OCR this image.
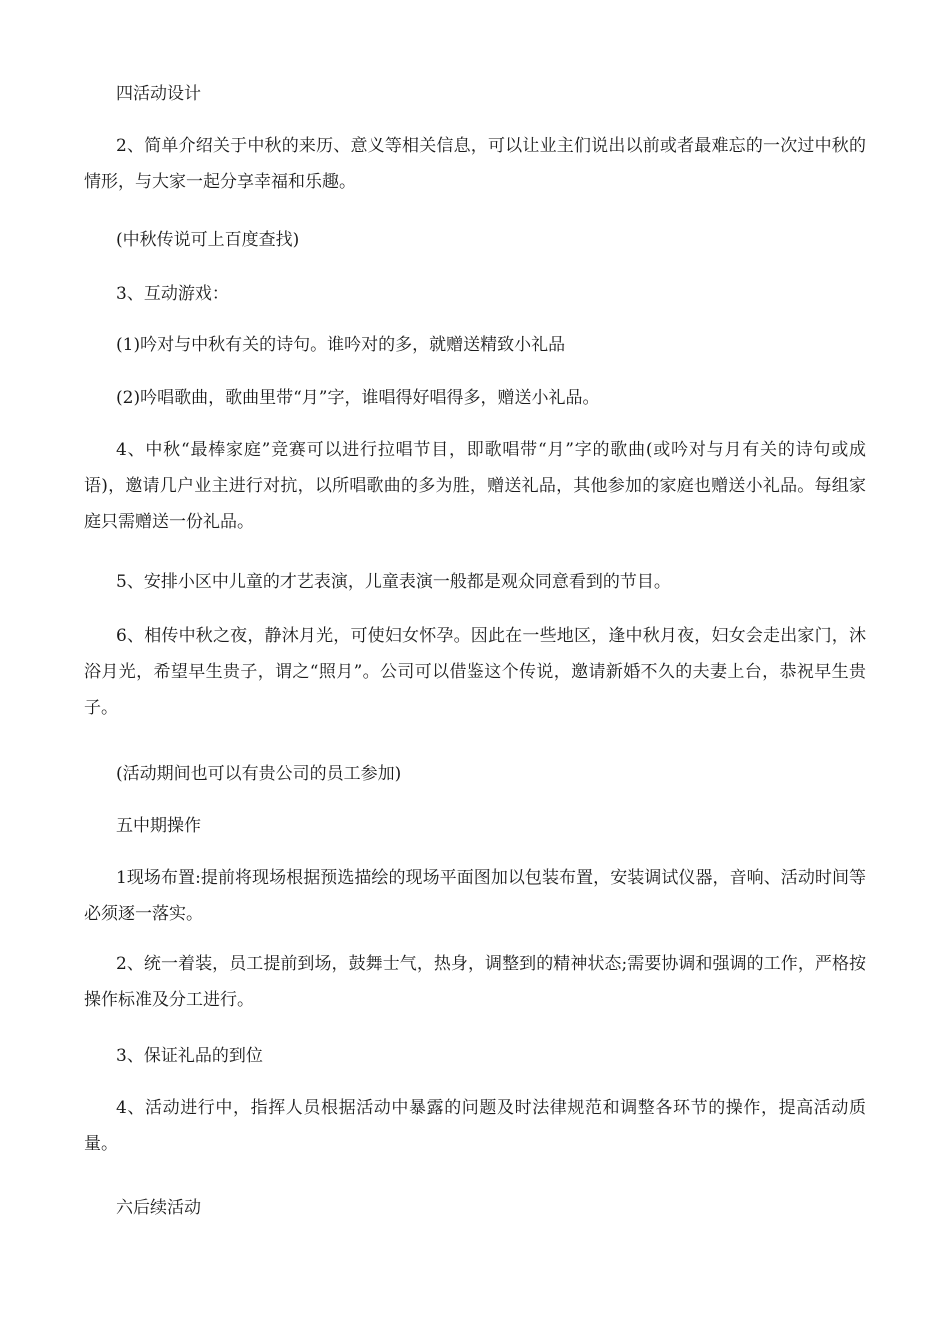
四活动设计

2、简单介绍关于中秋的来历、意义等相关信息，可以让业主们说出以前或者最难忘的一次过中秋的情形，与大家一起分享幸福和乐趣。

(中秋传说可上百度查找)

3、互动游戏：

(1)吟对与中秋有关的诗句。谁吟对的多，就赠送精致小礼品

(2)吟唱歌曲，歌曲里带“月”字，谁唱得好唱得多，赠送小礼品。

4、中秋“最棒家庭”竞赛可以进行拉唱节目，即歌唱带“月”字的歌曲(或吟对与月有关的诗句或成语)，邀请几户业主进行对抗，以所唱歌曲的多为胜，赠送礼品，其他参加的家庭也赠送小礼品。每组家庭只需赠送一份礼品。

5、安排小区中儿童的才艺表演，儿童表演一般都是观众同意看到的节目。

6、相传中秋之夜，静沐月光，可使妇女怀孕。因此在一些地区，逢中秋月夜，妇女会走出家门，沐浴月光，希望早生贵子，谓之“照月”。公司可以借鉴这个传说，邀请新婚不久的夫妻上台，恭祝早生贵子。

(活动期间也可以有贵公司的员工参加)

五中期操作

1现场布置:提前将现场根据预选描绘的现场平面图加以包装布置，安装调试仪器，音响、活动时间等必须逐一落实。

2、统一着装，员工提前到场，鼓舞士气，热身，调整到的精神状态;需要协调和强调的工作，严格按操作标准及分工进行。

3、保证礼品的到位

4、活动进行中，指挥人员根据活动中暴露的问题及时法律规范和调整各环节的操作，提高活动质量。

六后续活动
